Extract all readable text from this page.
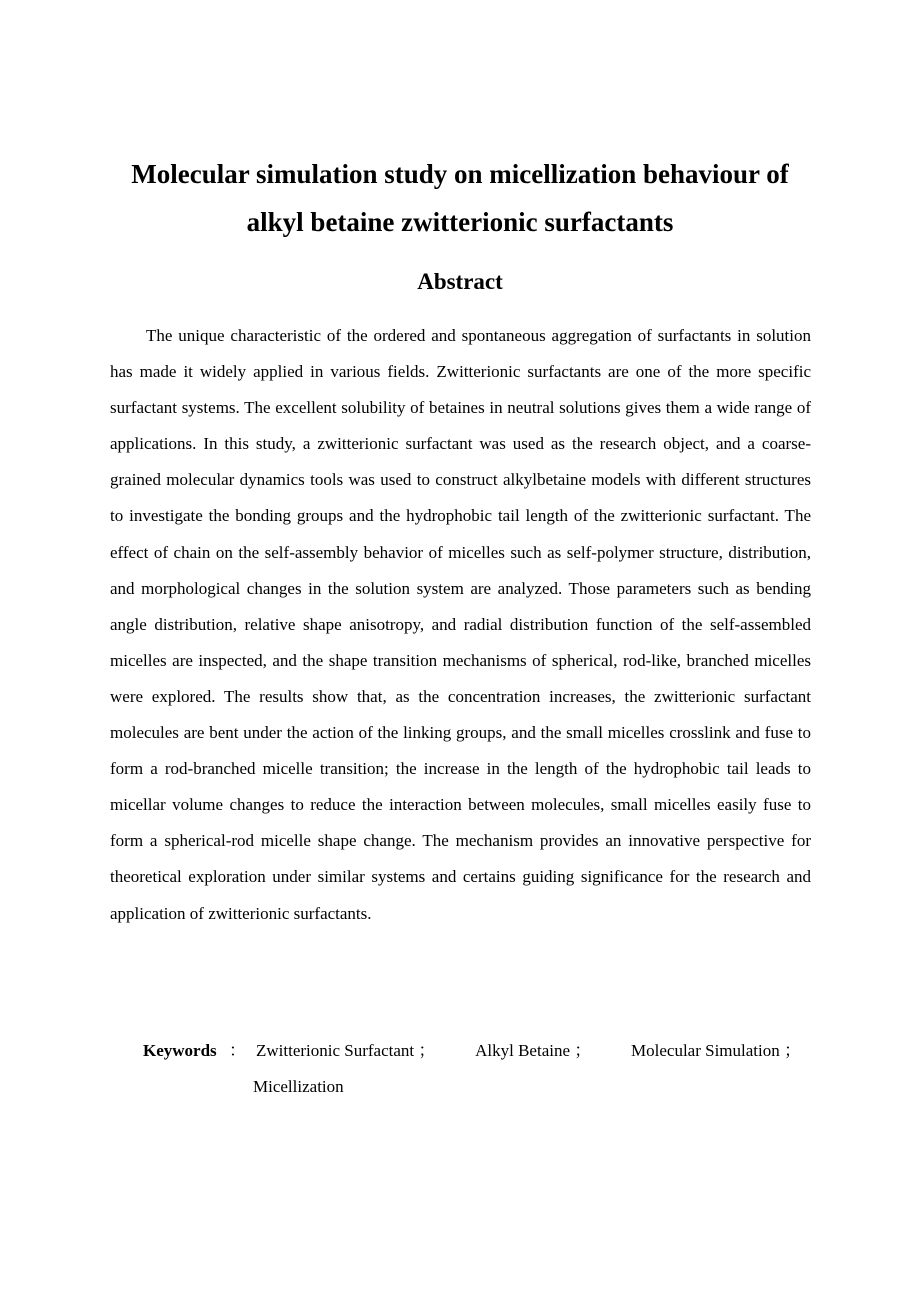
Molecular simulation study on micellization behaviour of
alkyl betaine zwitterionic surfactants
Abstract

The unique characteristic of the ordered and spontaneous aggregation of surfactants in solution has made it widely applied in various fields. Zwitterionic surfactants are one of the more specific surfactant systems. The excellent solubility of betaines in neutral solutions gives them a wide range of applications. In this study, a zwitterionic surfactant was used as the research object, and a coarse-grained molecular dynamics tools was used to construct alkylbetaine models with different structures to investigate the bonding groups and the hydrophobic tail length of the zwitterionic surfactant. The effect of chain on the self-assembly behavior of micelles such as self-polymer structure, distribution, and morphological changes in the solution system are analyzed. Those parameters such as bending angle distribution, relative shape anisotropy, and radial distribution function of the self-assembled micelles are inspected, and the shape transition mechanisms of spherical, rod-like, branched micelles were explored. The results show that, as the concentration increases, the zwitterionic surfactant molecules are bent under the action of the linking groups, and the small micelles crosslink and fuse to form a rod-branched micelle transition; the increase in the length of the hydrophobic tail leads to micellar volume changes to reduce the interaction between molecules, small micelles easily fuse to form a spherical-rod micelle shape change. The mechanism provides an innovative perspective for theoretical exploration under similar systems and certains guiding significance for the research and application of zwitterionic surfactants.

Keywords ： Zwitterionic Surfactant ； Alkyl Betaine ； Molecular Simulation ；
Micellization
